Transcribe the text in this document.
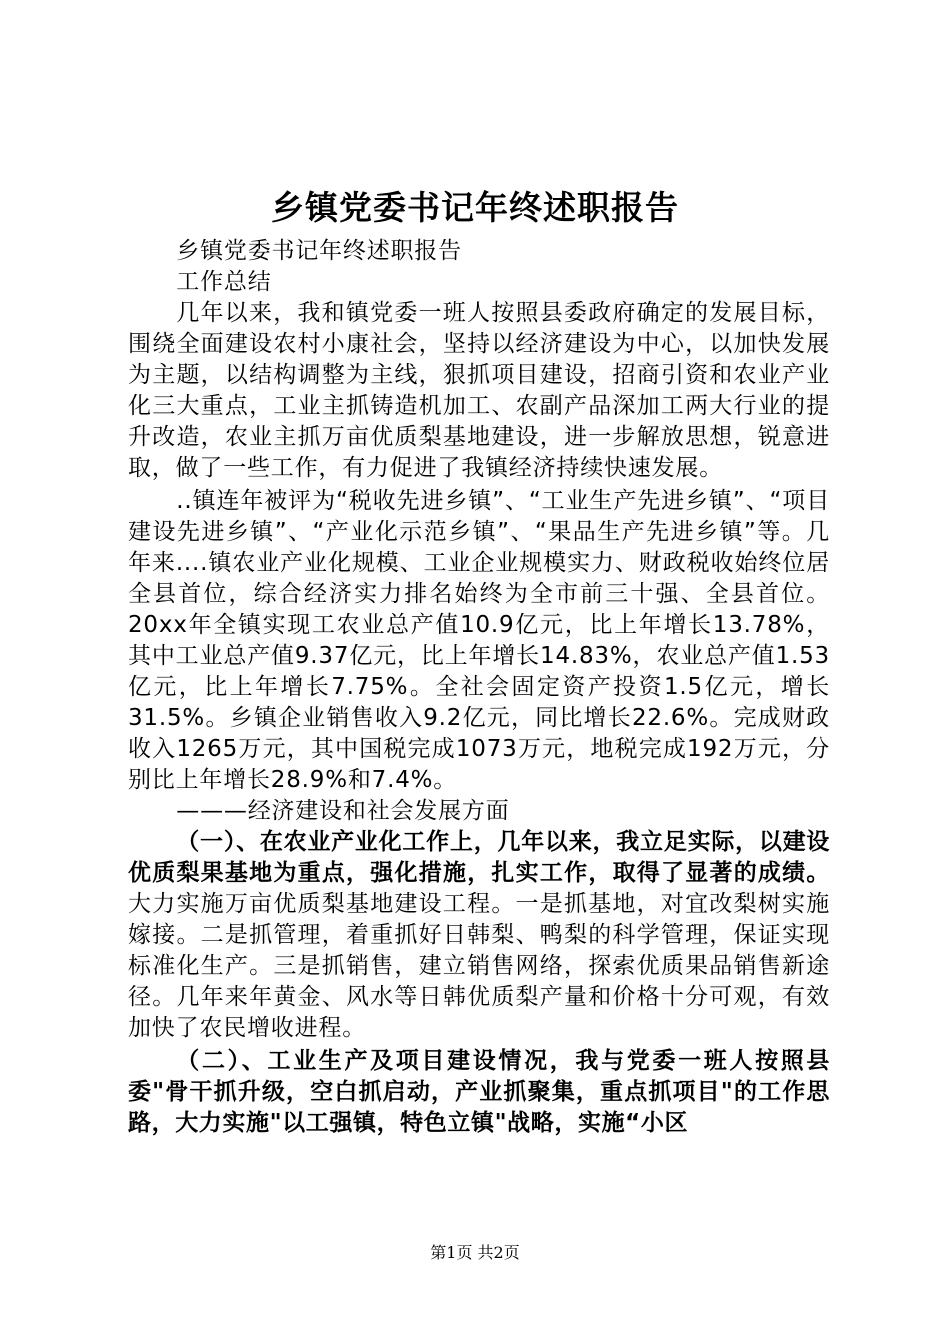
乡镇党委书记年终述职报告

乡镇党委书记年终述职报告

工作总结

几年以来，我和镇党委一班人按照县委政府确定的发展目标，围绕全面建设农村小康社会，坚持以经济建设为中心，以加快发展为主题，以结构调整为主线，狠抓项目建设，招商引资和农业产业化三大重点，工业主抓铸造机加工、农副产品深加工两大行业的提升改造，农业主抓万亩优质梨基地建设，进一步解放思想，锐意进取，做了一些工作，有力促进了我镇经济持续快速发展。

..镇连年被评为“税收先进乡镇”、“工业生产先进乡镇”、“项目建设先进乡镇”、“产业化示范乡镇”、“果品生产先进乡镇”等。几年来....镇农业产业化规模、工业企业规模实力、财政税收始终位居全县首位，综合经济实力排名始终为全市前三十强、全县首位。20xx年全镇实现工农业总产值10.9亿元，比上年增长13.78%，其中工业总产值9.37亿元，比上年增长14.83%，农业总产值1.53亿元，比上年增长7.75%。全社会固定资产投资1.5亿元，增长31.5%。乡镇企业销售收入9.2亿元，同比增长22.6%。完成财政收入1265万元，其中国税完成1073万元，地税完成192万元，分别比上年增长28.9%和7.4%。

———经济建设和社会发展方面

（一）、在农业产业化工作上，几年以来，我立足实际，以建设优质梨果基地为重点，强化措施，扎实工作，取得了显著的成绩。大力实施万亩优质梨基地建设工程。一是抓基地，对宜改梨树实施嫁接。二是抓管理，着重抓好日韩梨、鸭梨的科学管理，保证实现标准化生产。三是抓销售，建立销售网络，探索优质果品销售新途径。几年来年黄金、风水等日韩优质梨产量和价格十分可观，有效加快了农民增收进程。

（二）、工业生产及项目建设情况，我与党委一班人按照县委"骨干抓升级，空白抓启动，产业抓聚集，重点抓项目"的工作思路，大力实施"以工强镇，特色立镇"战略，实施“小区

第1页 共2页
